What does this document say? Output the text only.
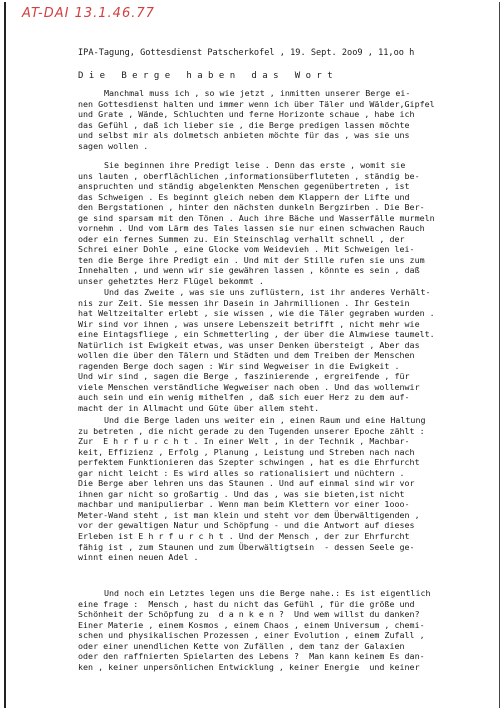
AT-DAI 13.1.46.77
IPA-Tagung, Gottesdienst Patscherkofel , 19. Sept. 2oo9 , 11,oo h
D i e   B e r g e   h a b e n   d a s   W o r t
Manchmal muss ich , so wie jetzt , inmitten unserer Berge ei-
nen Gottesdienst halten und immer wenn ich über Täler und Wälder,Gipfel
und Grate , Wände, Schluchten und ferne Horizonte schaue , habe ich
das Gefühl , daß ich lieber sie , die Berge predigen lassen möchte
und selbst mir als dolmetsch anbieten möchte für das , was sie uns
sagen wollen .
Sie beginnen ihre Predigt leise . Denn das erste , womit sie
uns lauten , oberflächlichen ,informationsüberfluteten , ständig be-
anspruchten und ständig abgelenkten Menschen gegenübertreten , ist
das Schweigen . Es beginnt gleich neben dem Klappern der Lifte und
den Bergstationen , hinter den nächsten dunkeln Bergzirben . Die Ber-
ge sind sparsam mit den Tönen . Auch ihre Bäche und Wasserfälle murmeln
vornehm . Und vom Lärm des Tales lassen sie nur einen schwachen Rauch
oder ein fernes Summen zu. Ein Steinschlag verhallt schnell , der
Schrei einer Dohle , eine Glocke vom Weidevieh . Mit Schweigen lei-
ten die Berge ihre Predigt ein . Und mit der Stille rufen sie uns zum
Innehalten , und wenn wir sie gewähren lassen , könnte es sein , daß
unser gehetztes Herz Flügel bekommt .
Und das Zweite , was sie uns zuflüstern, ist ihr anderes Verhält-
nis zur Zeit. Sie messen ihr Dasein in Jahrmillionen . Ihr Gestein
hat Weltzeitalter erlebt , sie wissen , wie die Täler gegraben wurden .
Wir sind vor ihnen , was unsere Lebenszeit betrifft , nicht mehr wie
eine Eintagsfliege , ein Schmetterling , der über die Almwiese taumelt.
Natürlich ist Ewigkeit etwas, was unser Denken übersteigt , Aber das
wollen die über den Tälern und Städten und dem Treiben der Menschen
ragenden Berge doch sagen : Wir sind Wegweiser in die Ewigkeit .
Und wir sind , sagen die Berge , faszinierende , ergreifende , für
viele Menschen verständliche Wegweiser nach oben . Und das wollenwir
auch sein und ein wenig mithelfen , daß sich euer Herz zu dem auf-
macht der in Allmacht und Güte über allem steht.
Und die Berge laden uns weiter ein , einen Raum und eine Haltung
zu betreten , die nicht gerade zu den Tugenden unserer Epoche zählt :
Zur  E h r f u r c h t . In einer Welt , in der Technik , Machbar-
keit, Effizienz , Erfolg , Planung , Leistung und Streben nach nach
perfektem Funktionieren das Szepter schwingen , hat es die Ehrfurcht
gar nicht leicht : Es wird alles so rationalisiert und nüchtern .
Die Berge aber lehren uns das Staunen . Und auf einmal sind wir vor
ihnen gar nicht so großartig . Und das , was sie bieten,ist nicht
machbar und manipulierbar . Wenn man beim Klettern vor einer 1ooo-
Meter-Wand steht , ist man klein und steht vor dem Überwältigenden ,
vor der gewaltigen Natur und Schöpfung - und die Antwort auf dieses
Erleben ist E h r f u r c h t . Und der Mensch , der zur Ehrfurcht
fähig ist , zum Staunen und zum Überwältigtsein  - dessen Seele ge-
winnt einen neuen Adel .
Und noch ein Letztes legen uns die Berge nahe.: Es ist eigentlich
eine frage :  Mensch , hast du nicht das Gefühl , für die größe und
Schönheit der Schöpfung zu  d a n k e n ?  Und wem willst du danken?
Einer Materie , einem Kosmos , einem Chaos , einem Universum , chemi-
schen und physikalischen Prozessen , einer Evolution , einem Zufall ,
oder einer unendlichen Kette von Zufällen , dem tanz der Galaxien
oder den raffnierten Spielarten des Lebens ?  Man kann keinem Es dan-
ken , keiner unpersönlichen Entwicklung , keiner Energie  und keiner
